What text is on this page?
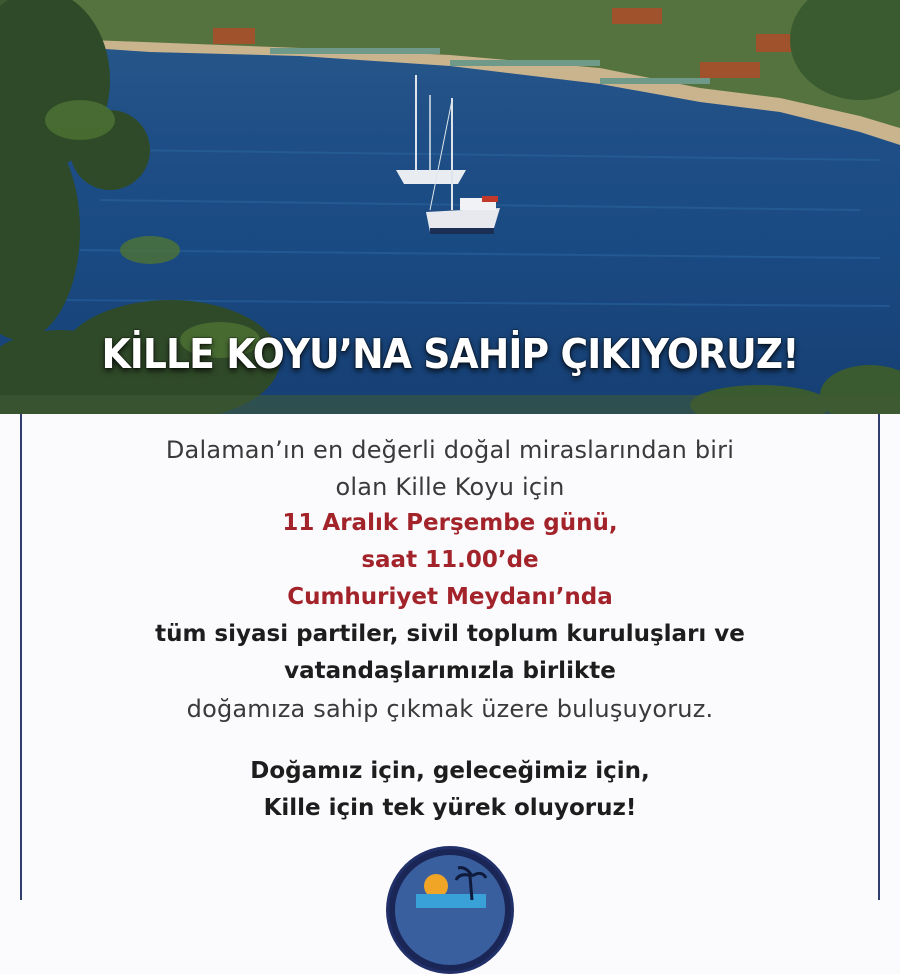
KİLLE KOYU’NA SAHİP ÇIKIYORUZ!
Dalaman’ın en değerli doğal miraslarından biri
olan Kille Koyu için
11 Aralık Perşembe günü,
saat 11.00’de
Cumhuriyet Meydanı’nda
tüm siyasi partiler, sivil toplum kuruluşları ve
vatandaşlarımızla birlikte
doğamıza sahip çıkmak üzere buluşuyoruz.
Doğamız için, geleceğimiz için,
Kille için tek yürek oluyoruz!
